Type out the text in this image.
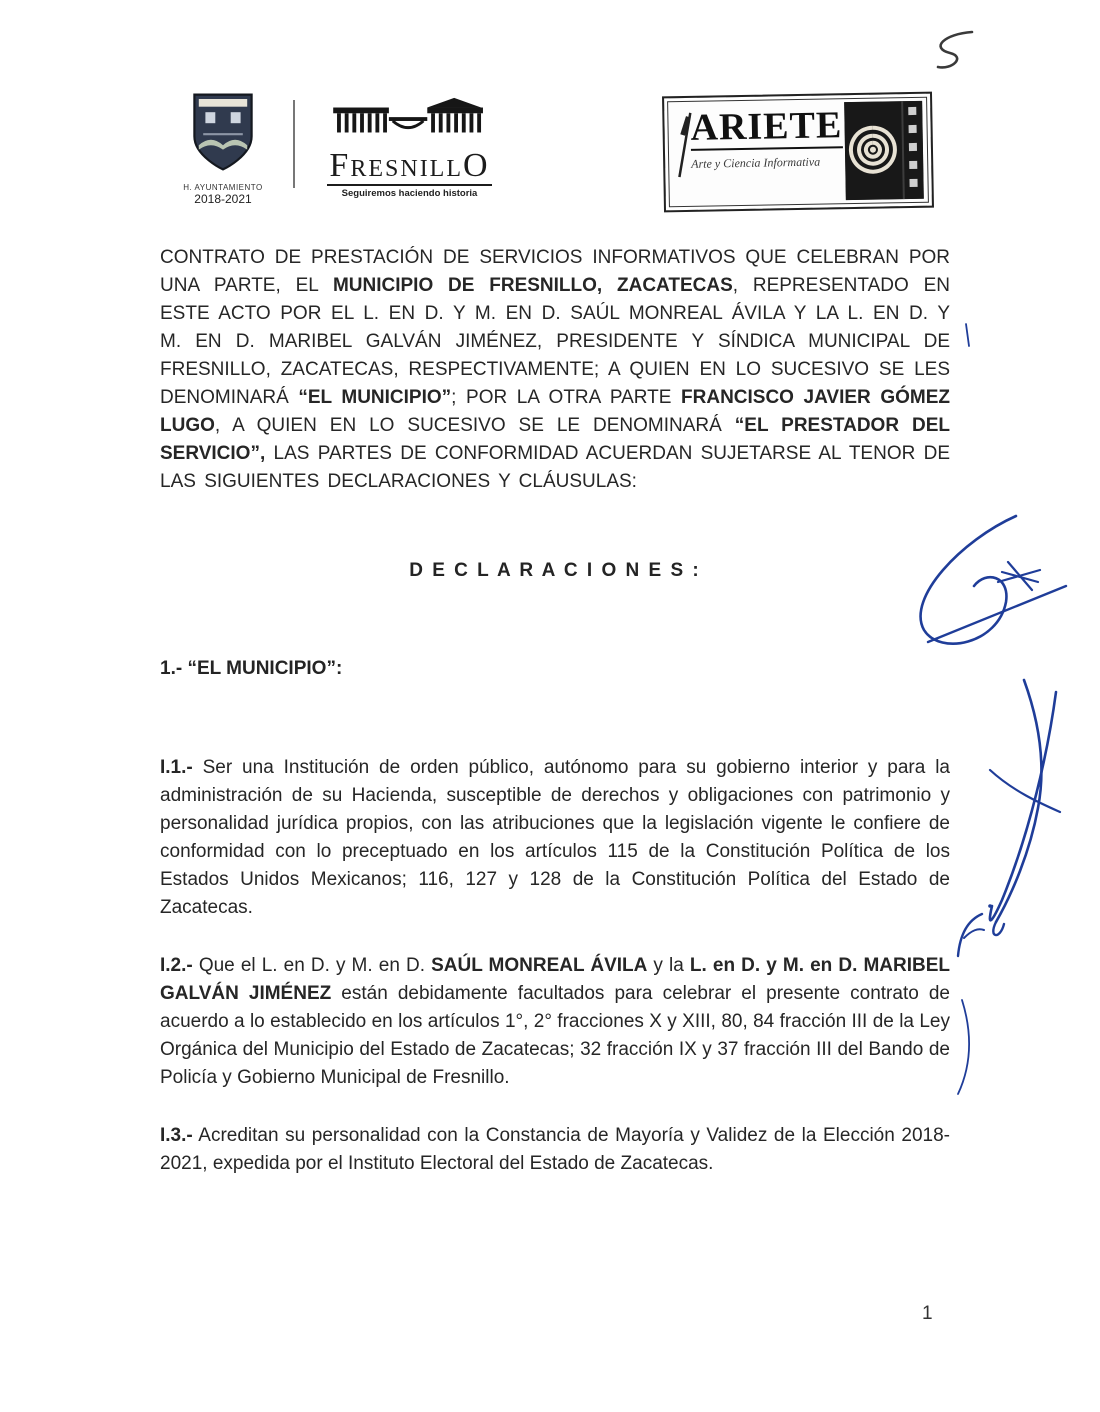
H. AYUNTAMIENTO
2018-2021
FRESNILLO
Seguiremos haciendo historia
ARIETE
Arte y Ciencia Informativa

CONTRATO DE PRESTACIÓN DE SERVICIOS INFORMATIVOS QUE CELEBRAN POR UNA PARTE, EL MUNICIPIO DE FRESNILLO, ZACATECAS, REPRESENTADO EN ESTE ACTO POR EL L. EN D. Y M. EN D. SAÚL MONREAL ÁVILA Y LA L. EN D. Y M. EN D. MARIBEL GALVÁN JIMÉNEZ, PRESIDENTE Y SÍNDICA MUNICIPAL DE FRESNILLO, ZACATECAS, RESPECTIVAMENTE; A QUIEN EN LO SUCESIVO SE LES DENOMINARÁ “EL MUNICIPIO”; POR LA OTRA PARTE FRANCISCO JAVIER GÓMEZ LUGO, A QUIEN EN LO SUCESIVO SE LE DENOMINARÁ “EL PRESTADOR DEL SERVICIO”, LAS PARTES DE CONFORMIDAD ACUERDAN SUJETARSE AL TENOR DE LAS SIGUIENTES DECLARACIONES Y CLÁUSULAS:

D E C L A R A C I O N E S :
1.- “EL MUNICIPIO”:

I.1.- Ser una Institución de orden público, autónomo para su gobierno interior y para la administración de su Hacienda, susceptible de derechos y obligaciones con patrimonio y personalidad jurídica propios, con las atribuciones que la legislación vigente le confiere de conformidad con lo preceptuado en los artículos 115 de la Constitución Política de los Estados Unidos Mexicanos; 116, 127 y 128 de la Constitución Política del Estado de Zacatecas.

I.2.- Que el L. en D. y M. en D. SAÚL MONREAL ÁVILA y la L. en D. y M. en D. MARIBEL GALVÁN JIMÉNEZ están debidamente facultados para celebrar el presente contrato de acuerdo a lo establecido en los artículos 1°, 2° fracciones X y XIII, 80, 84 fracción III de la Ley Orgánica del Municipio del Estado de Zacatecas; 32 fracción IX y 37 fracción III del Bando de Policía y Gobierno Municipal de Fresnillo.

I.3.- Acreditan su personalidad con la Constancia de Mayoría y Validez de la Elección 2018-2021, expedida por el Instituto Electoral del Estado de Zacatecas.

1
